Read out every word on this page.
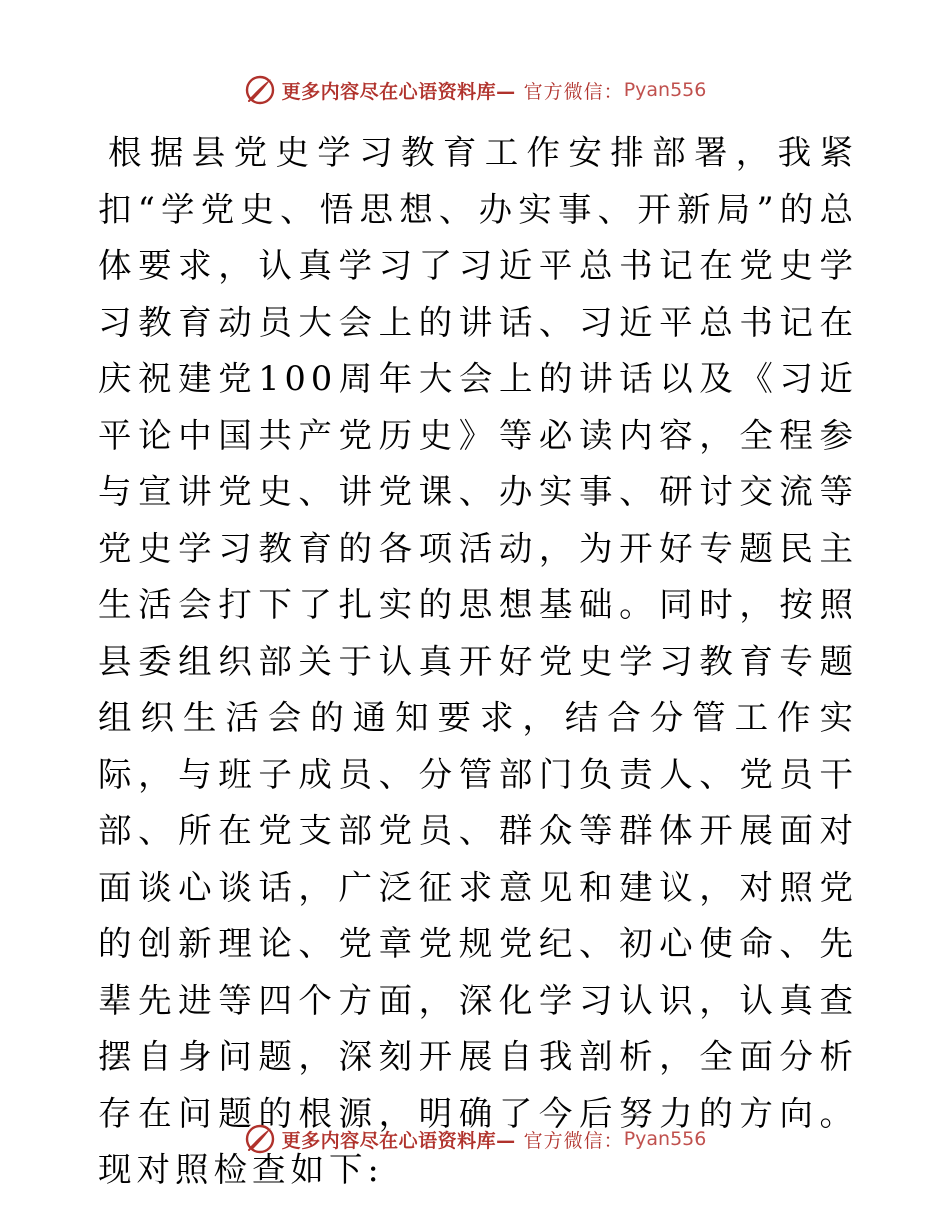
更多内容尽在心语资料库— 官方微信： Pyan556

根据县党史学习教育工作安排部署，我紧扣“学党史、悟思想、办实事、开新局”的总体要求，认真学习了习近平总书记在党史学习教育动员大会上的讲话、习近平总书记在庆祝建党100周年大会上的讲话以及《习近平论中国共产党历史》等必读内容，全程参与宣讲党史、讲党课、办实事、研讨交流等党史学习教育的各项活动，为开好专题民主生活会打下了扎实的思想基础。同时，按照县委组织部关于认真开好党史学习教育专题组织生活会的通知要求，结合分管工作实际，与班子成员、分管部门负责人、党员干部、所在党支部党员、群众等群体开展面对面谈心谈话，广泛征求意见和建议，对照党的创新理论、党章党规党纪、初心使命、先辈先进等四个方面，深化学习认识，认真查摆自身问题，深刻开展自我剖析，全面分析存在问题的根源，明确了今后努力的方向。现对照检查如下:

更多内容尽在心语资料库— 官方微信： Pyan556
